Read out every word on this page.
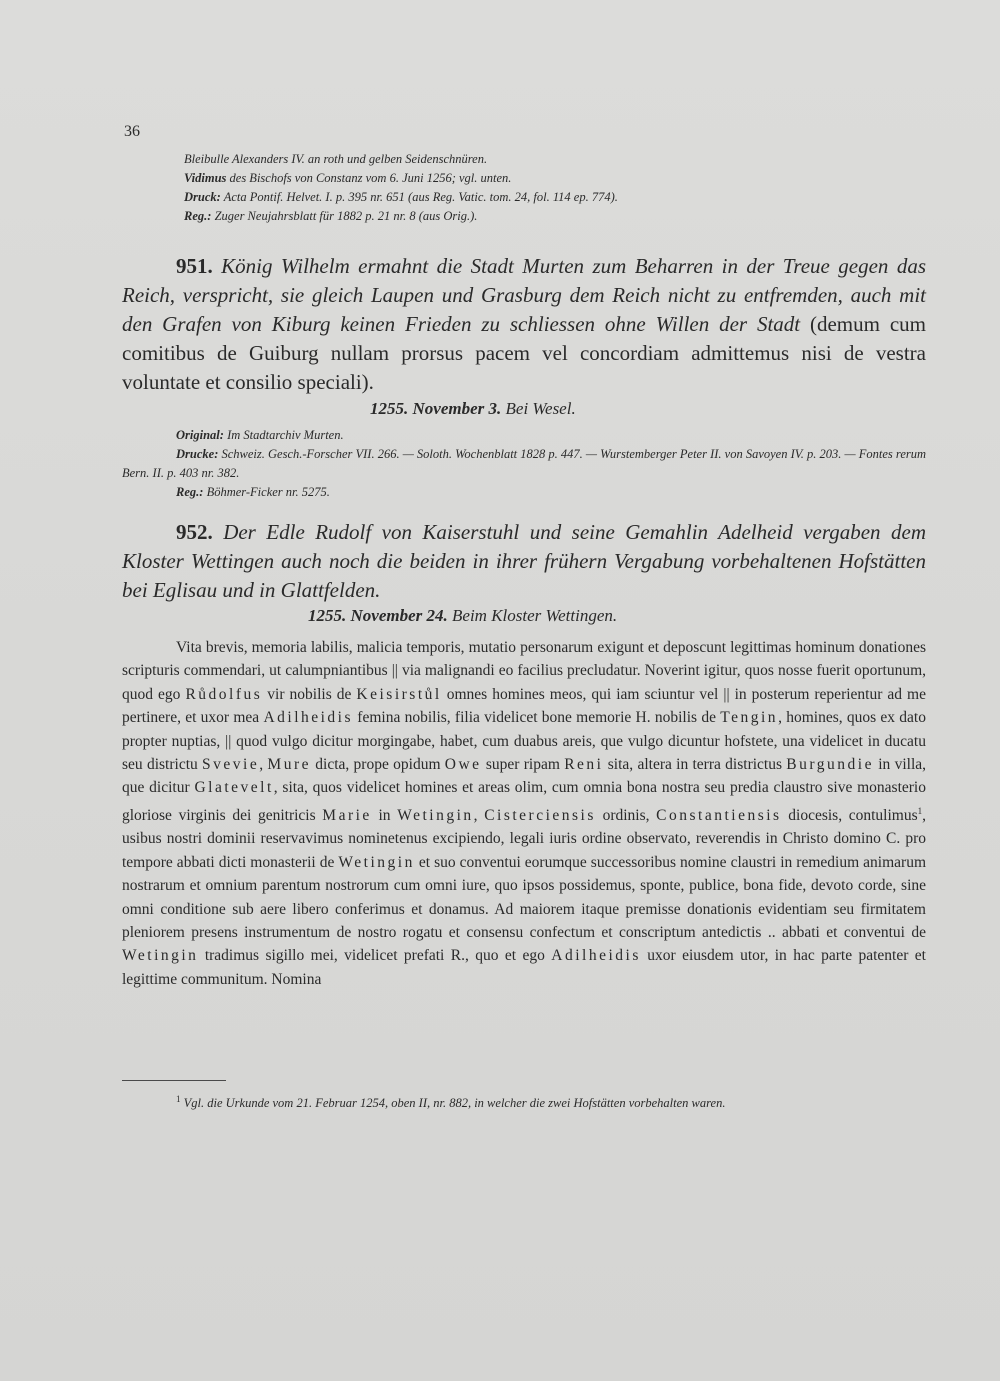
36
Bleibulle Alexanders IV. an roth und gelben Seidenschnüren.
Vidimus des Bischofs von Constanz vom 6. Juni 1256; vgl. unten.
Druck: Acta Pontif. Helvet. I. p. 395 nr. 651 (aus Reg. Vatic. tom. 24, fol. 114 ep. 774).
Reg.: Zuger Neujahrsblatt für 1882 p. 21 nr. 8 (aus Orig.).
951. König Wilhelm ermahnt die Stadt Murten zum Beharren in der Treue gegen das Reich, verspricht, sie gleich Laupen und Grasburg dem Reich nicht zu entfremden, auch mit den Grafen von Kiburg keinen Frieden zu schliessen ohne Willen der Stadt (demum cum comitibus de Guiburg nullam prorsus pacem vel concordiam admittemus nisi de vestra voluntate et consilio speciali).
1255. November 3. Bei Wesel.
Original: Im Stadtarchiv Murten.
Drucke: Schweiz. Gesch.-Forscher VII. 266. — Soloth. Wochenblatt 1828 p. 447. — Wurstemberger Peter II. von Savoyen IV. p. 203. — Fontes rerum Bern. II. p. 403 nr. 382.
Reg.: Böhmer-Ficker nr. 5275.
952. Der Edle Rudolf von Kaiserstuhl und seine Gemahlin Adelheid vergaben dem Kloster Wettingen auch noch die beiden in ihrer frühern Vergabung vorbehaltenen Hofstätten bei Eglisau und in Glattfelden.
1255. November 24. Beim Kloster Wettingen.

Vita brevis, memoria labilis, malicia temporis, mutatio personarum exigunt et deposcunt legittimas hominum donationes scripturis commendari, ut calumpniantibus || via malignandi eo facilius precludatur. Noverint igitur, quos nosse fuerit oportunum, quod ego Růdolfus vir nobilis de Keisirstůl omnes homines meos, qui iam sciuntur vel || in posterum reperientur ad me pertinere, et uxor mea Adilheidis femina nobilis, filia videlicet bone memorie H. nobilis de Tengin, homines, quos ex dato propter nuptias, || quod vulgo dicitur morgingabe, habet, cum duabus areis, que vulgo dicuntur hofstete, una videlicet in ducatu seu districtu Svevie, Mure dicta, prope opidum Owe super ripam Reni sita, altera in terra districtus Burgundie in villa, que dicitur Glatevelt, sita, quos videlicet homines et areas olim, cum omnia bona nostra seu predia claustro sive monasterio gloriose virginis dei genitricis Marie in Wetingin, Cisterciensis ordinis, Constantiensis diocesis, contulimus$^1$, usibus nostri dominii reservavimus nominetenus excipiendo, legali iuris ordine observato, reverendis in Christo domino C. pro tempore abbati dicti monasterii de Wetingin et suo conventui eorumque successoribus nomine claustri in remedium animarum nostrarum et omnium parentum nostrorum cum omni iure, quo ipsos possidemus, sponte, publice, bona fide, devoto corde, sine omni conditione sub aere libero conferimus et donamus. Ad maiorem itaque premisse donationis evidentiam seu firmitatem pleniorem presens instrumentum de nostro rogatu et consensu confectum et conscriptum antedictis .. abbati et conventui de Wetingin tradimus sigillo mei, videlicet prefati R., quo et ego Adilheidis uxor eiusdem utor, in hac parte patenter et legittime communitum. Nomina

$^1$ Vgl. die Urkunde vom 21. Februar 1254, oben II, nr. 882, in welcher die zwei Hofstätten vorbehalten waren.
